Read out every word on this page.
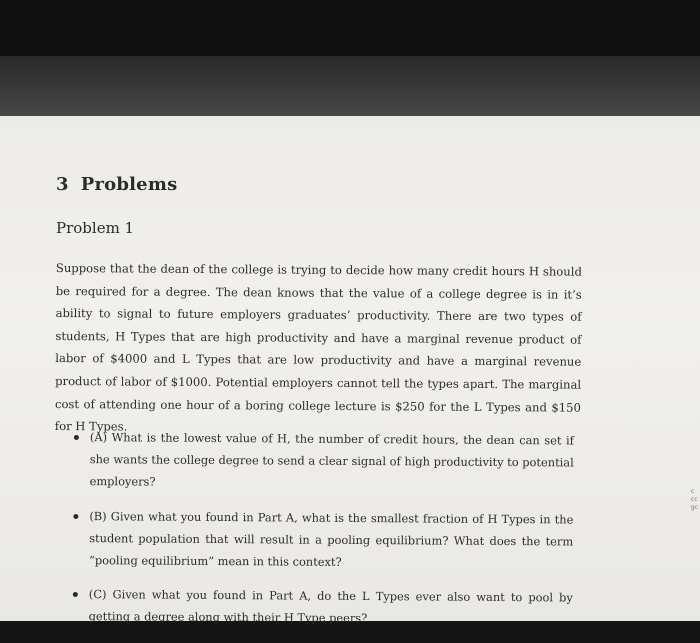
3 Problems
Problem 1
Suppose that the dean of the college is trying to decide how many credit hours H should be required for a degree. The dean knows that the value of a college degree is in it’s ability to signal to future employers graduates’ productivity. There are two types of students, H Types that are high productivity and have a marginal revenue product of labor of $4000 and L Types that are low productivity and have a marginal revenue product of labor of $1000. Potential employers cannot tell the types apart. The marginal cost of attending one hour of a boring college lecture is $250 for the L Types and $150 for H Types.
(A) What is the lowest value of H, the number of credit hours, the dean can set if she wants the college degree to send a clear signal of high productivity to potential employers?
(B) Given what you found in Part A, what is the smallest fraction of H Types in the student population that will result in a pooling equilibrium? What does the term “pooling equilibrium” mean in this context?
(C) Given what you found in Part A, do the L Types ever also want to pool by getting a degree along with their H Type peers?
c
cc
gc
